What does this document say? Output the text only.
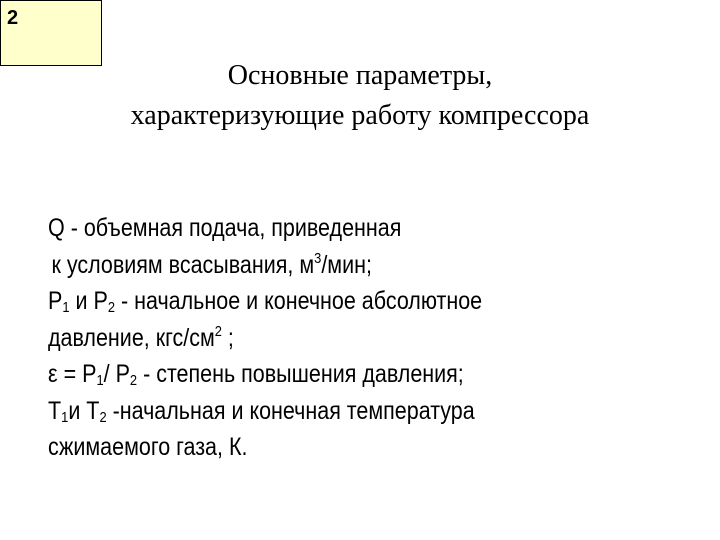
2
Основные параметры,
характеризующие работу компрессора
Q - объемная подача, приведенная
к условиям всасывания, $м^3$/мин;
$P_1$ и $P_2$ - начальное и конечное абсолютное
давление, кгс/$см^2$ ;
$\varepsilon = P_1/$ $P_2$ - степень повышения давления;
$T_1и$ $T_2$ -начальная и конечная температура
сжимаемого газа, К.
